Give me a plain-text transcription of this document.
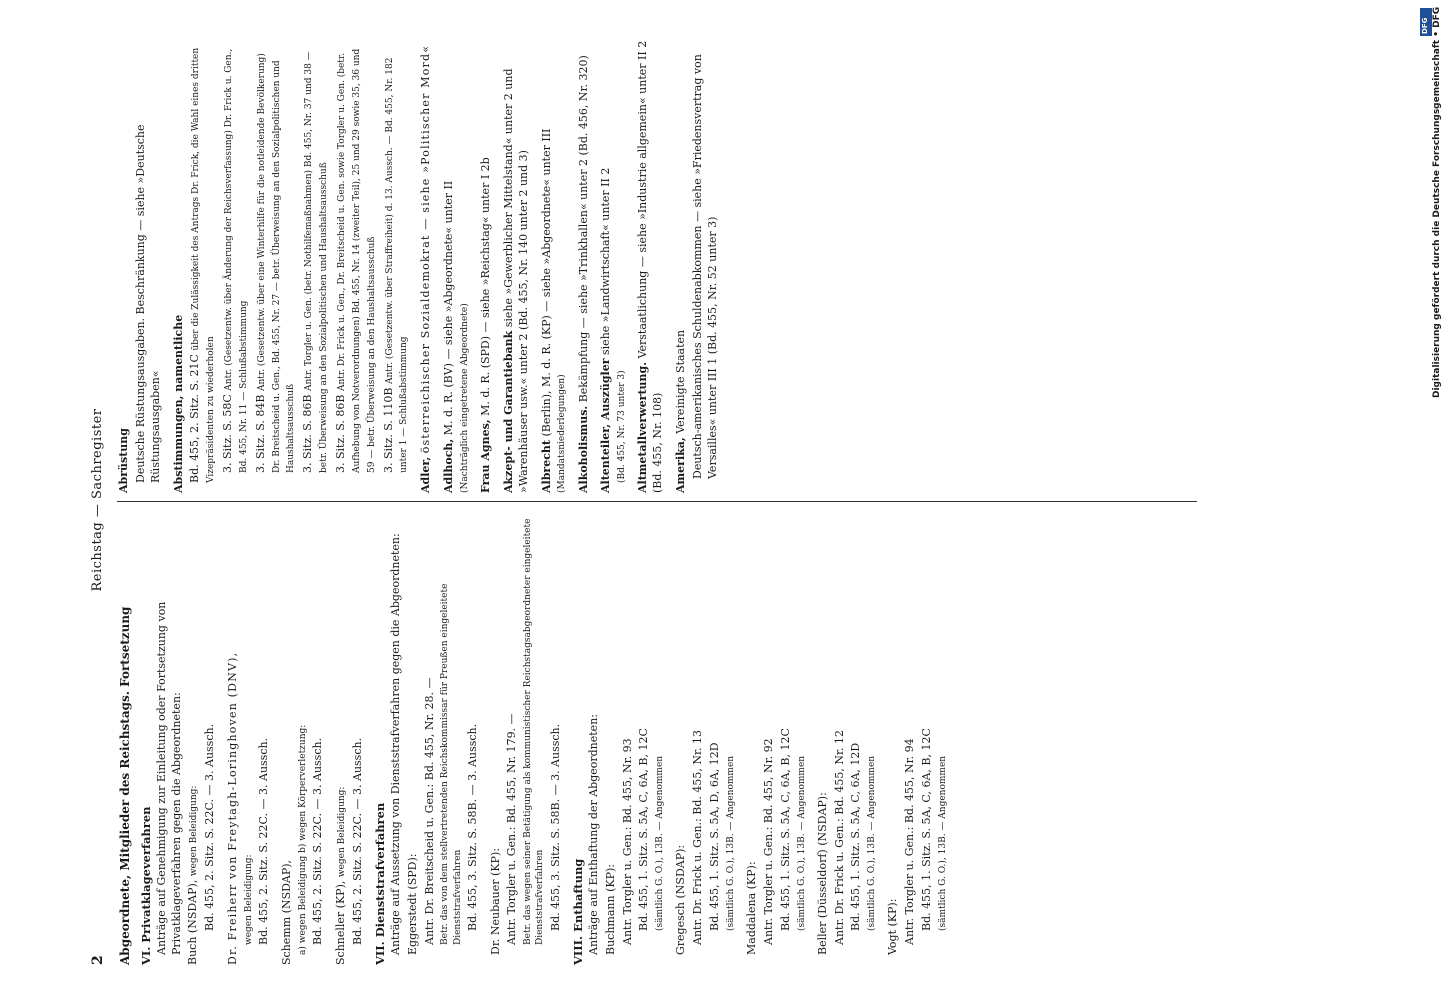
2
Reichstag — Sachregister
Abgeordnete, Mitglieder des Reichstags. Fortsetzung VI. Privatklageverfahren Anträge auf Genehmigung zur Einleitung oder Fortsetzung von Privatklageverfahren gegen die Abgeordneten: Buch (NSDAP), wegen Beleidigung: Bd. 455, 2. Sitz. S. 22C. — 3. Aussch. Dr. Freiherr von Freytagh-Loringhoven (DNV), wegen Beleidigung: Bd. 455, 2. Sitz. S. 22C. — 3. Aussch. Schemm (NSDAP), a) wegen Beleidigung b) wegen Körperverletzung: Bd. 455, 2. Sitz. S. 22C. — 3. Aussch. Schneller (KP), wegen Beleidigung: Bd. 455, 2. Sitz. S. 22C. — 3. Aussch. VII. Dienststrafverfahren Anträge auf Aussetzung von Dienststrafverfahren gegen die Abgeordneten: Eggerstedt (SPD): Antr. Dr. Breitscheid u. Gen.: Bd. 455, Nr. 28. — Betr. das von dem stellvertretenden Reichskommissar für Preußen eingeleitete Dienststrafverfahren Bd. 455, 3. Sitz. S. 58B. — 3. Aussch. Dr. Neubauer (KP): Antr. Torgler u. Gen.: Bd. 455, Nr. 179. — Betr. das wegen seiner Betätigung als kommunistischer Reichstagsabgeordneter eingeleitete Dienststrafverfahren Bd. 455, 3. Sitz. S. 58B. — 3. Aussch. VIII. Enthaftung Anträge auf Enthaftung der Abgeordneten: Buchmann (KP): Antr. Torgler u. Gen.: Bd. 455, Nr. 93 Bd. 455, 1. Sitz. S. 5A, C, 6A, B, 12C (sämtlich G. O.), 13B. — Angenommen Gregesch (NSDAP): Antr. Dr. Frick u. Gen.: Bd. 455, Nr. 13 Bd. 455, 1. Sitz. S. 5A, D, 6A, 12D (sämtlich G. O.), 13B. — Angenommen Maddalena (KP): Antr. Torgler u. Gen.: Bd. 455, Nr. 92 Bd. 455, 1. Sitz. S. 5A, C, 6A, B, 12C (sämtlich G. O.), 13B. — Angenommen Beller (Düsseldorf) (NSDAP): Antr. Dr. Frick u. Gen.: Bd. 455, Nr. 12 Bd. 455, 1. Sitz. S. 5A, C, 6A, 12D (sämtlich G. O.), 13B. — Angenommen Vogt (KP): Antr. Torgler u. Gen.: Bd. 455, Nr. 94 Bd. 455, 1. Sitz. S. 5A, C, 6A, B, 12C (sämtlich G. O.), 13B. — Angenommen
Abrüstung Deutsche Rüstungsausgaben. Beschränkung — siehe »Deutsche Rüstungsausgaben« Abstimmungen, namentliche Bd. 455, 2. Sitz. S. 21C über die Zulässigkeit des Antrags Dr. Frick, die Wahl eines dritten Vizepräsidenten zu wiederholen 3. Sitz. S. 58C Antr. (Gesetzentw. über Änderung der Reichsverfassung) Dr. Frick u. Gen., Bd. 455, Nr. 11 — Schlußabstimmung 3. Sitz. S. 84B Antr. (Gesetzentw. über eine Winterhilfe für die notleidende Bevölkerung) Dr. Breitscheid u. Gen., Bd. 455, Nr. 27 — betr. Überweisung an den Sozialpolitischen und Haushaltsausschuß 3. Sitz. S. 86B Antr. Torgler u. Gen. (betr. Nothilfemaßnahmen) Bd. 455, Nr. 37 und 38 — betr. Überweisung an den Sozialpolitischen und Haushaltsausschuß 3. Sitz. S. 86B Antr. Dr. Frick u. Gen., Dr. Breitscheid u. Gen. sowie Torgler u. Gen. (betr. Aufhebung von Notverordnungen) Bd. 455, Nr. 14 (zweiter Teil), 25 und 29 sowie 35, 36 und 59 — betr. Überweisung an den Haushaltsausschuß 3. Sitz. S. 110B Antr. (Gesetzentw. über Straffreiheit) d. 13. Aussch. — Bd. 455, Nr. 182 unter 1 — Schlußabstimmung
Adler, österreichischer Sozialdemokrat — siehe »Politischer Mord«
Adlhoch, M. d. R. (BV) — siehe »Abgeordnete« unter II (Nachträglich eingetretene Abgeordnete) Frau Agnes, M. d. R. (SPD) — siehe »Reichstag« unter I 2b Akzept- und Garantiebank siehe »Gewerblicher Mittelstand« unter 2 und »Warenhäuser usw.« unter 2 (Bd. 455, Nr. 140 unter 2 und 3) Albrecht (Berlin), M. d. R. (KP) — siehe »Abgeordnete« unter III (Mandatsniederlegungen) Alkoholismus. Bekämpfung — siehe »Trinkhallen« unter 2 (Bd. 456, Nr. 320)
Altenteiler, Auszügler siehe »Landwirtschaft« unter II 2
(Bd. 455, Nr. 73 unter 3) Altmetallverwertung. Verstaatlichung — siehe »Industrie allgemein« unter II 2 (Bd. 455, Nr. 108) Amerika, Vereinigte Staaten Deutsch-amerikanisches Schuldenabkommen — siehe »Friedensvertrag von Versailles« unter III 1 (Bd. 455, Nr. 52 unter 3)	Digitalisierung gefördert durch die Deutsche Forschungsgemeinschaft • DFG
DFG
